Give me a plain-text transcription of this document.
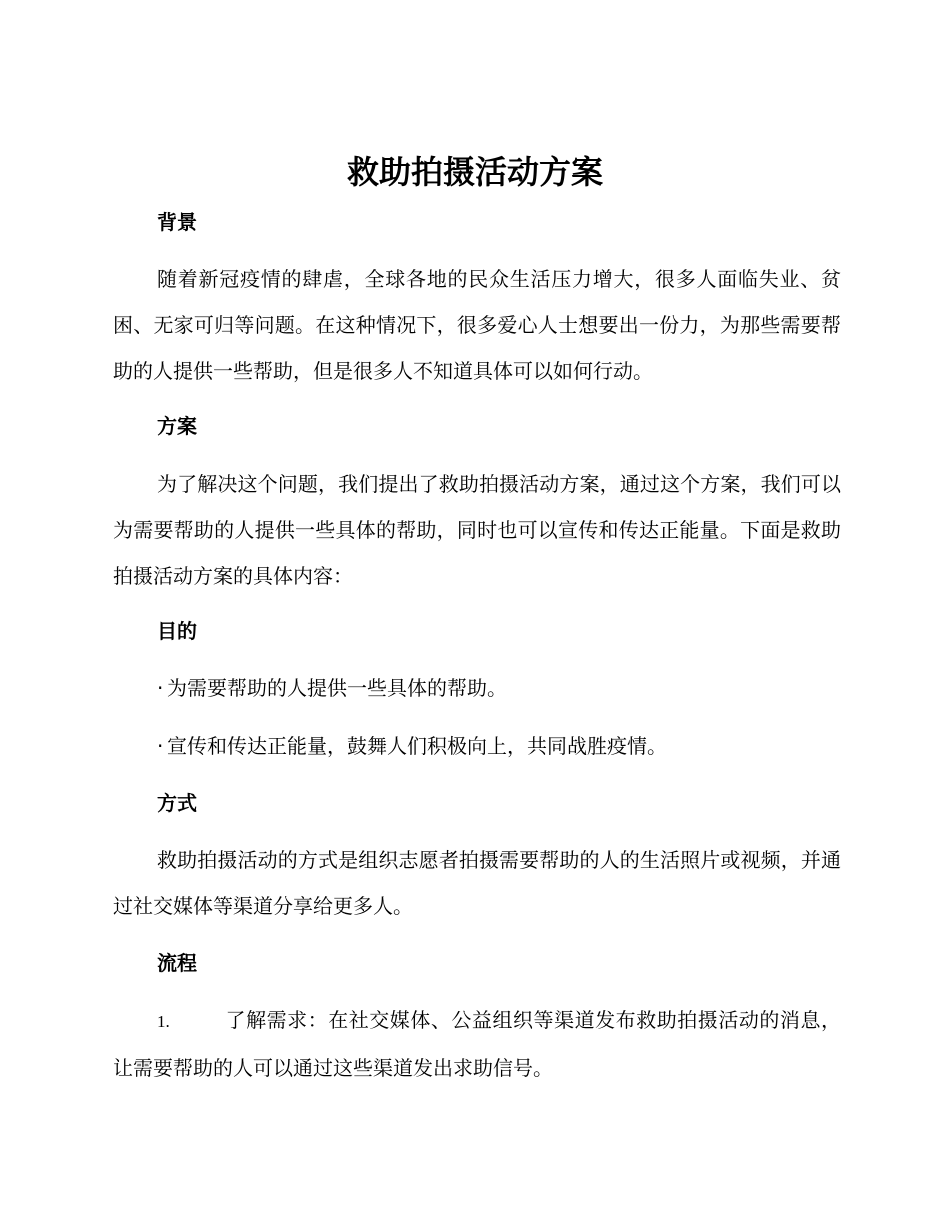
救助拍摄活动方案
背景
随着新冠疫情的肆虐，全球各地的民众生活压力增大，很多人面临失业、贫困、无家可归等问题。在这种情况下，很多爱心人士想要出一份力，为那些需要帮助的人提供一些帮助，但是很多人不知道具体可以如何行动。
方案
为了解决这个问题，我们提出了救助拍摄活动方案，通过这个方案，我们可以为需要帮助的人提供一些具体的帮助，同时也可以宣传和传达正能量。下面是救助拍摄活动方案的具体内容：
目的
· 为需要帮助的人提供一些具体的帮助。
· 宣传和传达正能量，鼓舞人们积极向上，共同战胜疫情。
方式
救助拍摄活动的方式是组织志愿者拍摄需要帮助的人的生活照片或视频，并通过社交媒体等渠道分享给更多人。
流程
1.	了解需求：在社交媒体、公益组织等渠道发布救助拍摄活动的消息，让需要帮助的人可以通过这些渠道发出求助信号。
